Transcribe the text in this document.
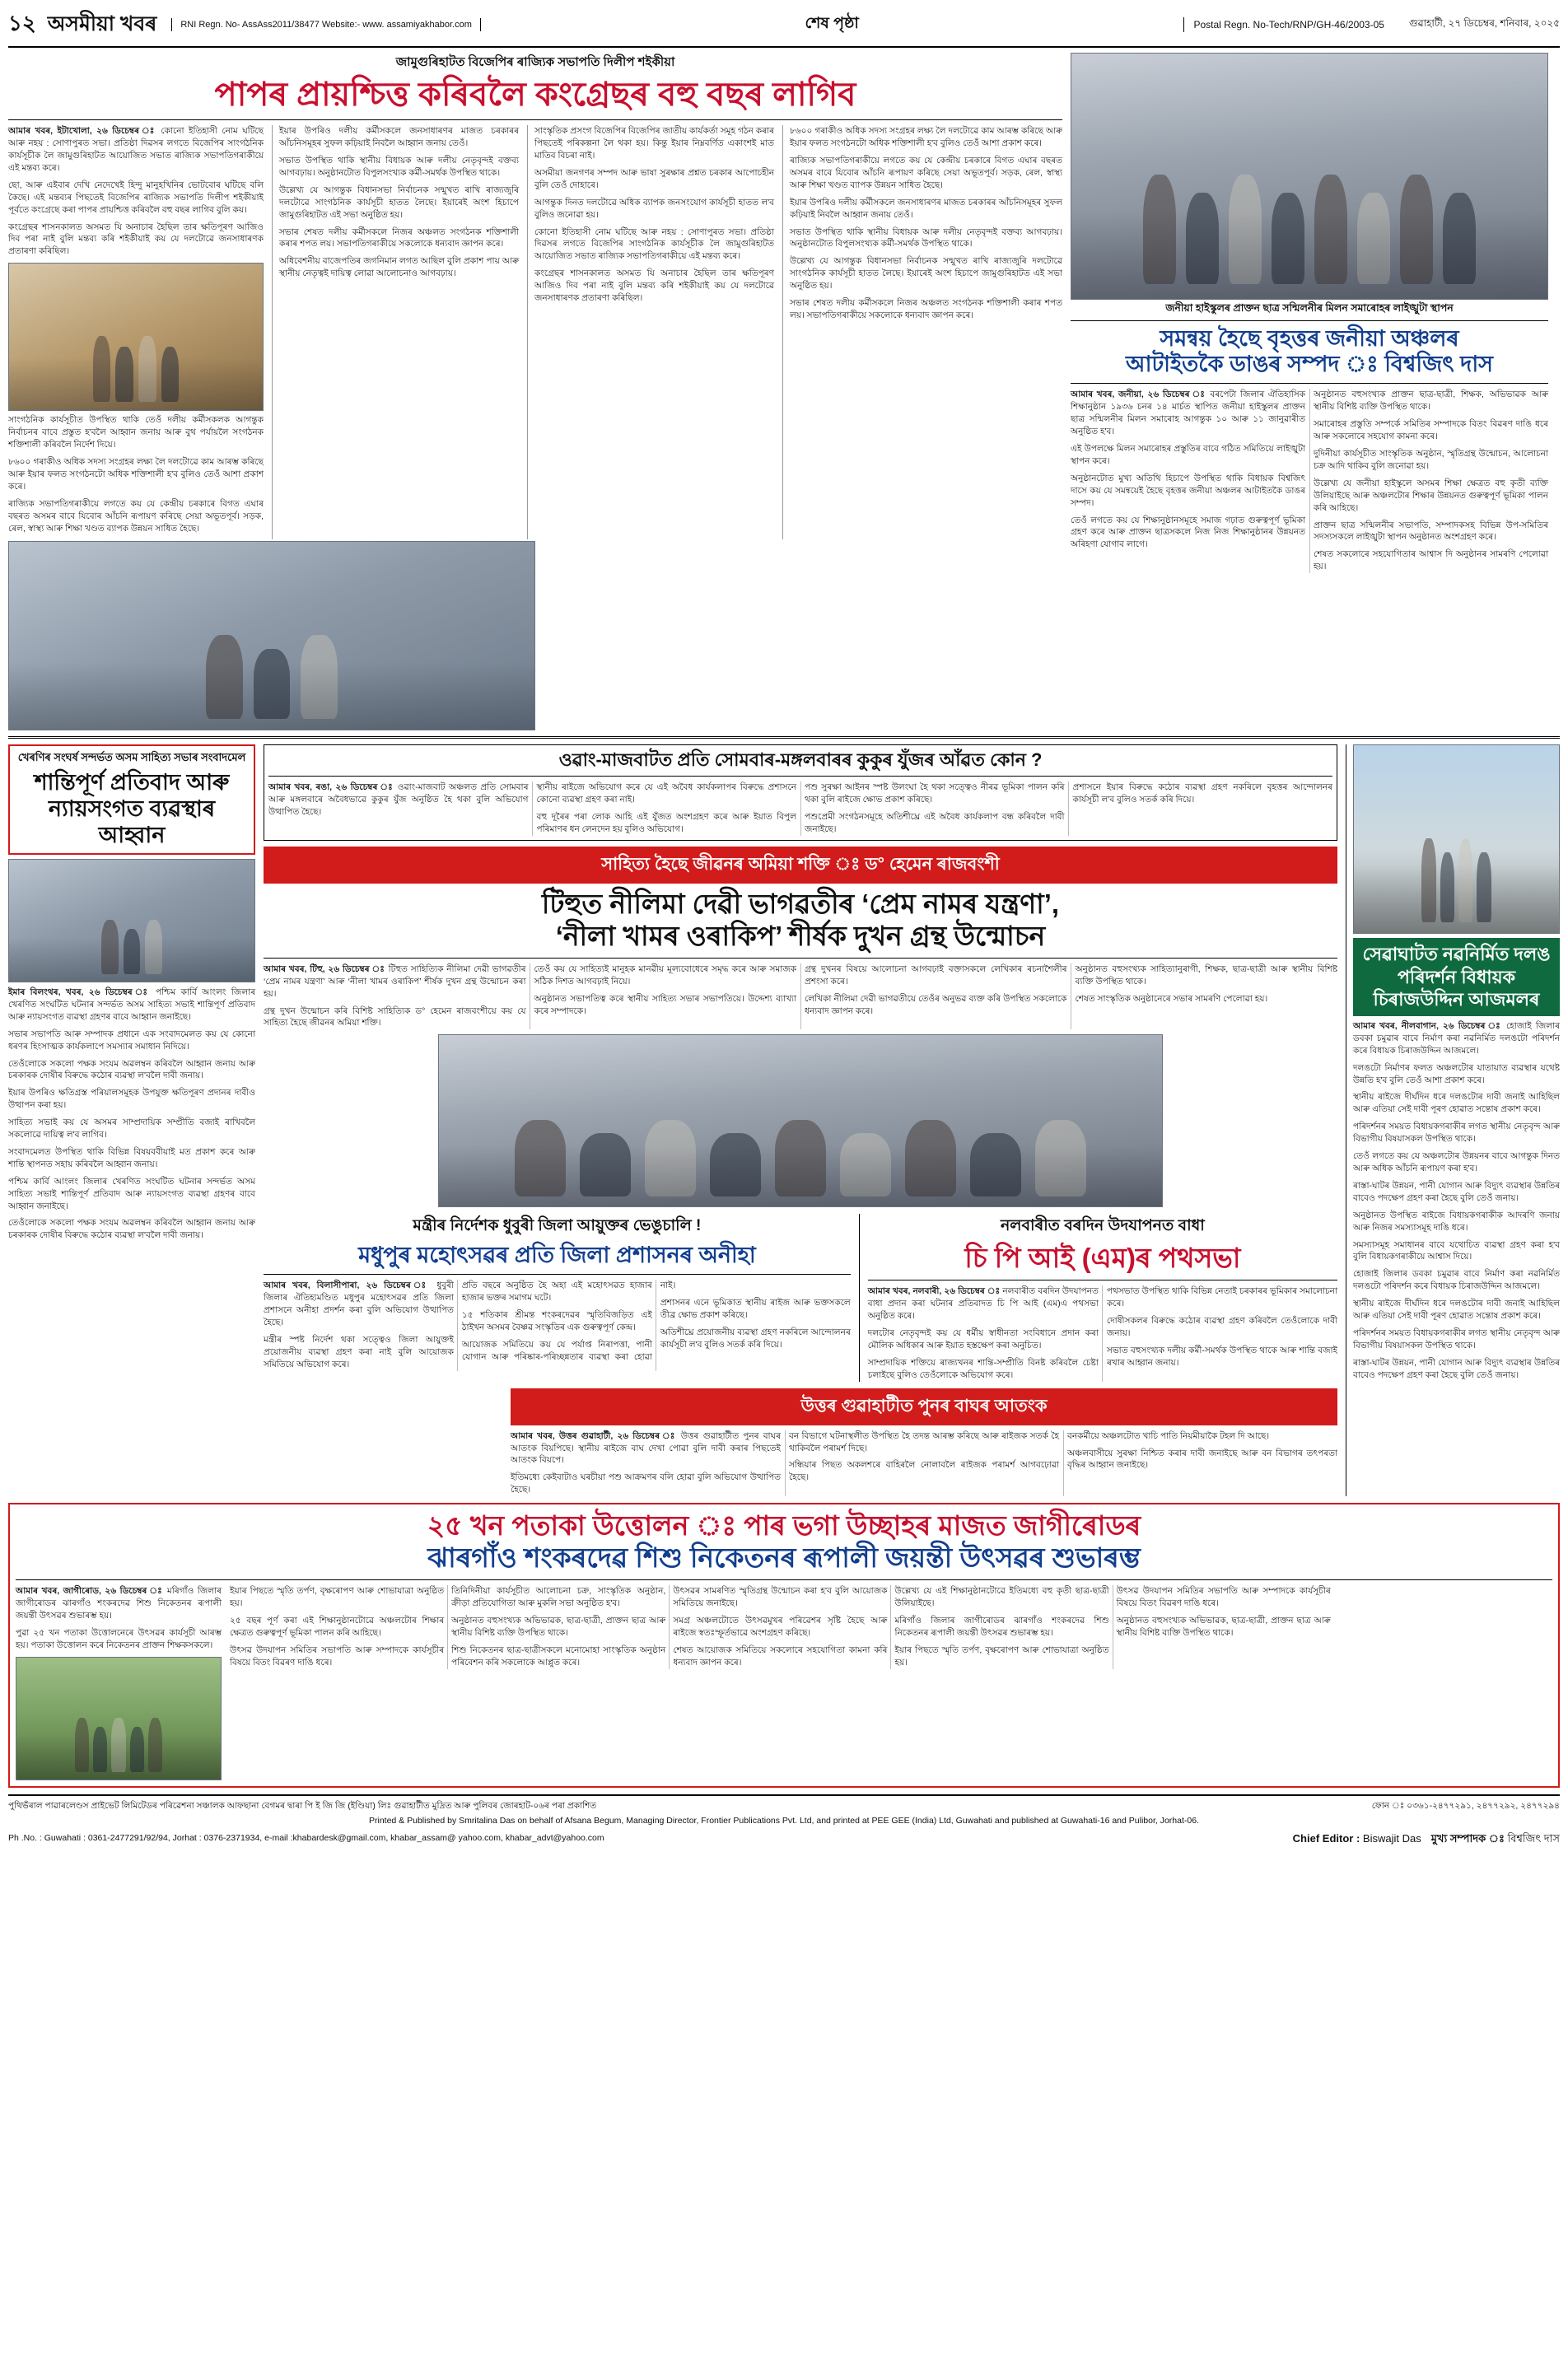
১২ অসমীয়া খবৰ	RNI Regn. No- AssAss2011/38477 Website:- www. assamiyakhabor.com	শেষ পৃষ্ঠা	Postal Regn. No-Tech/RNP/GH-46/2003-05	গুৱাহাটী, ২৭ ডিচেম্বৰ, শনিবাৰ, ২০২৫
জামুগুৰিহাটত বিজেপিৰ ৰাজ্যিক সভাপতি দিলীপ শইকীয়া
পাপৰ প্ৰায়শ্চিত্ত কৰিবলৈ কংগ্ৰেছৰ বহু বছৰ লাগিব

আমাৰ খবৰ, ইটাখোলা, ২৬ ডিচেম্বৰ ঃ কোনো ইতিহাসী নোম ঘটিছে আৰু নহয় : সোণাপুৰত সভা। প্ৰতিষ্ঠা দিৱসৰ লগতে বিজেপিৰ সাংগঠনিক কাৰ্যসূচীক লৈ জামুগুৰিহাটত আয়োজিত সভাত ৰাজ্যিক সভাপতিগৰাকীয়ে এই মন্তব্য কৰে।

ছো, আৰু এইবাৰ দেখি নেদেখেই হিন্দু মানুহখিনিৰ ভোটবোৰ ঘটিছে বলি কৈছে। এই মন্তব্যৰ পিছতেই বিজেপিৰ ৰাজ্যিক সভাপতি দিলীপ শইকীয়াই পূৰ্বতে কংগ্ৰেছে কৰা পাপৰ প্ৰায়শ্চিত্ত কৰিবলৈ বহু বছৰ লাগিব বুলি কয়।

কংগ্ৰেছৰ শাসনকালত অসমত যি অনাচাৰ হৈছিল তাৰ ক্ষতিপূৰণ আজিও দিব পৰা নাই বুলি মন্তব্য কৰি শইকীয়াই কয় যে দলটোৱে জনসাধাৰণক প্ৰতাৰণা কৰিছিল।

সাংগঠনিক কাৰ্যসূচীত উপস্থিত থাকি তেওঁ দলীয় কৰ্মীসকলক আগন্তুক নিৰ্বাচনৰ বাবে প্ৰস্তুত হ'বলৈ আহ্বান জনায় আৰু বুথ পৰ্যায়লৈ সংগঠনক শক্তিশালী কৰিবলৈ নিৰ্দেশ দিয়ে।

৮৬০০ গৰাকীও অধিক সদস্য সংগ্ৰহৰ লক্ষ্য লৈ দলটোৱে কাম আৰম্ভ কৰিছে আৰু ইয়াৰ ফলত সংগঠনটো অধিক শক্তিশালী হ'ব বুলিও তেওঁ আশা প্ৰকাশ কৰে।

ৰাজ্যিক সভাপতিগৰাকীয়ে লগতে কয় যে কেন্দ্ৰীয় চৰকাৰে বিগত এঘাৰ বছৰত অসমৰ বাবে যিবোৰ আঁচনি ৰূপায়ণ কৰিছে সেয়া অভূতপূৰ্ব। সড়ক, ৰেল, স্বাস্থ্য আৰু শিক্ষা খণ্ডত ব্যাপক উন্নয়ন সাধিত হৈছে।

ইয়াৰ উপৰিও দলীয় কৰ্মীসকলে জনসাধাৰণৰ মাজত চৰকাৰৰ আঁচনিসমূহৰ সুফল কঢ়িয়াই নিবলৈ আহ্বান জনায় তেওঁ।

সভাত উপস্থিত থাকি স্থানীয় বিধায়ক আৰু দলীয় নেতৃবৃন্দই বক্তব্য আগবঢ়ায়। অনুষ্ঠানটোত বিপুলসংখ্যক কৰ্মী-সমৰ্থক উপস্থিত থাকে।

উল্লেখ্য যে আগন্তুক বিধানসভা নিৰ্বাচনক সন্মুখত ৰাখি ৰাজ্যজুৰি দলটোৱে সাংগঠনিক কাৰ্যসূচী হাতত লৈছে। ইয়াৰেই অংশ হিচাপে জামুগুৰিহাটত এই সভা অনুষ্ঠিত হয়।

সভাৰ শেষত দলীয় কৰ্মীসকলে নিজৰ অঞ্চলত সংগঠনক শক্তিশালী কৰাৰ শপত লয়। সভাপতিগৰাকীয়ে সকলোকে ধন্যবাদ জ্ঞাপন কৰে।

অধিবেশনীয় বাজেপতিৰ জগনিমান লগত আছিল বুলি প্ৰকাশ পায় আৰু স্থানীয় নেতৃত্বই দায়িত্ব লোৱা আলোচনাও আগবঢ়ায়।

সাংস্কৃতিক প্ৰসংগ বিজেপিৰ বিজেপিৰ জাতীয় কাৰ্যকৰ্তা সমূহ গঠন কৰাৰ পিছতেই পৰিকল্পনা লৈ থকা হয়। কিন্তু ইয়াৰ নিম্নবৰ্ণিত একাংশই মাত মাতিব বিচৰা নাই।

অসমীয়া জনগণৰ সম্পদ আৰু ভাষা সুৰক্ষাৰ প্ৰশ্নত চৰকাৰ আপোচহীন বুলি তেওঁ দোহাৰে।

আগন্তুক দিনত দলটোৱে অধিক ব্যাপক জনসংযোগ কাৰ্যসূচী হাতত ল'ব বুলিও জনোৱা হয়।

কোনো ইতিহাসী নোম ঘটিছে আৰু নহয় : সোণাপুৰত সভা। প্ৰতিষ্ঠা দিৱসৰ লগতে বিজেপিৰ সাংগঠনিক কাৰ্যসূচীক লৈ জামুগুৰিহাটত আয়োজিত সভাত ৰাজ্যিক সভাপতিগৰাকীয়ে এই মন্তব্য কৰে।

কংগ্ৰেছৰ শাসনকালত অসমত যি অনাচাৰ হৈছিল তাৰ ক্ষতিপূৰণ আজিও দিব পৰা নাই বুলি মন্তব্য কৰি শইকীয়াই কয় যে দলটোৱে জনসাধাৰণক প্ৰতাৰণা কৰিছিল।

৮৬০০ গৰাকীও অধিক সদস্য সংগ্ৰহৰ লক্ষ্য লৈ দলটোৱে কাম আৰম্ভ কৰিছে আৰু ইয়াৰ ফলত সংগঠনটো অধিক শক্তিশালী হ'ব বুলিও তেওঁ আশা প্ৰকাশ কৰে।

ৰাজ্যিক সভাপতিগৰাকীয়ে লগতে কয় যে কেন্দ্ৰীয় চৰকাৰে বিগত এঘাৰ বছৰত অসমৰ বাবে যিবোৰ আঁচনি ৰূপায়ণ কৰিছে সেয়া অভূতপূৰ্ব। সড়ক, ৰেল, স্বাস্থ্য আৰু শিক্ষা খণ্ডত ব্যাপক উন্নয়ন সাধিত হৈছে।

ইয়াৰ উপৰিও দলীয় কৰ্মীসকলে জনসাধাৰণৰ মাজত চৰকাৰৰ আঁচনিসমূহৰ সুফল কঢ়িয়াই নিবলৈ আহ্বান জনায় তেওঁ।

সভাত উপস্থিত থাকি স্থানীয় বিধায়ক আৰু দলীয় নেতৃবৃন্দই বক্তব্য আগবঢ়ায়। অনুষ্ঠানটোত বিপুলসংখ্যক কৰ্মী-সমৰ্থক উপস্থিত থাকে।

উল্লেখ্য যে আগন্তুক বিধানসভা নিৰ্বাচনক সন্মুখত ৰাখি ৰাজ্যজুৰি দলটোৱে সাংগঠনিক কাৰ্যসূচী হাতত লৈছে। ইয়াৰেই অংশ হিচাপে জামুগুৰিহাটত এই সভা অনুষ্ঠিত হয়।

সভাৰ শেষত দলীয় কৰ্মীসকলে নিজৰ অঞ্চলত সংগঠনক শক্তিশালী কৰাৰ শপত লয়। সভাপতিগৰাকীয়ে সকলোকে ধন্যবাদ জ্ঞাপন কৰে।

জনীয়া হাইস্কুলৰ প্ৰাক্তন ছাত্ৰ সন্মিলনীৰ মিলন সমাৰোহৰ লাইঙ্খুটা স্থাপন
সমন্বয় হৈছে বৃহত্তৰ জনীয়া অঞ্চলৰ
আটাইতকৈ ডাঙৰ সম্পদ ঃ বিশ্বজিৎ দাস

আমাৰ খবৰ, জনীয়া, ২৬ ডিচেম্বৰ ঃ বৰপেটা জিলাৰ ঐতিহাসিক শিক্ষানুষ্ঠান ১৯৩৬ চনৰ ১৪ মাৰ্চত স্থাপিত জনীয়া হাইস্কুলৰ প্ৰাক্তন ছাত্ৰ সন্মিলনীৰ মিলন সমাৰোহ আগন্তুক ১০ আৰু ১১ জানুৱাৰীত অনুষ্ঠিত হ'ব।

এই উপলক্ষে মিলন সমাৰোহৰ প্ৰস্তুতিৰ বাবে গঠিত সমিতিয়ে লাইঙ্খুটা স্থাপন কৰে।

অনুষ্ঠানটোত মুখ্য অতিথি হিচাপে উপস্থিত থাকি বিধায়ক বিশ্বজিৎ দাসে কয় যে সমন্বয়েই হৈছে বৃহত্তৰ জনীয়া অঞ্চলৰ আটাইতকৈ ডাঙৰ সম্পদ।

তেওঁ লগতে কয় যে শিক্ষানুষ্ঠানসমূহে সমাজ গঢ়াত গুৰুত্বপূৰ্ণ ভূমিকা গ্ৰহণ কৰে আৰু প্ৰাক্তন ছাত্ৰসকলে নিজ নিজ শিক্ষানুষ্ঠানৰ উন্নয়নত অৰিহণা যোগাব লাগে।

অনুষ্ঠানত বহুসংখ্যক প্ৰাক্তন ছাত্ৰ-ছাত্ৰী, শিক্ষক, অভিভাৱক আৰু স্থানীয় বিশিষ্ট ব্যক্তি উপস্থিত থাকে।

সমাৰোহৰ প্ৰস্তুতি সম্পৰ্কে সমিতিৰ সম্পাদকে বিতং বিৱৰণ দাঙি ধৰে আৰু সকলোৰে সহযোগ কামনা কৰে।

দুদিনীয়া কাৰ্যসূচীত সাংস্কৃতিক অনুষ্ঠান, স্মৃতিগ্ৰন্থ উন্মোচন, আলোচনা চক্ৰ আদি থাকিব বুলি জনোৱা হয়।

উল্লেখ্য যে জনীয়া হাইস্কুলে অসমৰ শিক্ষা ক্ষেত্ৰত বহু কৃতী ব্যক্তি উলিয়াইছে আৰু অঞ্চলটোৰ শিক্ষাৰ উন্নয়নত গুৰুত্বপূৰ্ণ ভূমিকা পালন কৰি আহিছে।

প্ৰাক্তন ছাত্ৰ সন্মিলনীৰ সভাপতি, সম্পাদকসহ বিভিন্ন উপ-সমিতিৰ সদস্যসকলে লাইঙ্খুটা স্থাপন অনুষ্ঠানত অংশগ্ৰহণ কৰে।

শেষত সকলোৰে সহযোগিতাৰ আশ্বাস দি অনুষ্ঠানৰ সামৰণি পেলোৱা হয়।

খেৰণিৰ সংঘৰ্ষ সন্দৰ্ভত অসম সাহিত্য সভাৰ সংবাদমেল
শান্তিপূৰ্ণ প্ৰতিবাদ আৰু ন্যায়সংগত ব্যৱস্থাৰ আহ্বান

ইমাৰ বিলংথৰ, খবৰ, ২৬ ডিচেম্বৰ ঃ পশ্চিম কাৰ্বি আংলং জিলাৰ খেৰণিত সংঘটিত ঘটনাৰ সন্দৰ্ভত অসম সাহিত্য সভাই শান্তিপূৰ্ণ প্ৰতিবাদ আৰু ন্যায়সংগত ব্যৱস্থা গ্ৰহণৰ বাবে আহ্বান জনাইছে।

সভাৰ সভাপতি আৰু সম্পাদক প্ৰধানে এক সংবাদমেলত কয় যে কোনো ধৰণৰ হিংসাত্মক কাৰ্যকলাপে সমস্যাৰ সমাধান নিদিয়ে।

তেওঁলোকে সকলো পক্ষক সংযম অৱলম্বন কৰিবলৈ আহ্বান জনায় আৰু চৰকাৰক দোষীৰ বিৰুদ্ধে কঠোৰ ব্যৱস্থা ল'বলৈ দাবী জনায়।

ইয়াৰ উপৰিও ক্ষতিগ্ৰস্ত পৰিয়ালসমূহক উপযুক্ত ক্ষতিপূৰণ প্ৰদানৰ দাবীও উত্থাপন কৰা হয়।

সাহিত্য সভাই কয় যে অসমৰ সাম্প্ৰদায়িক সম্প্ৰীতি বজাই ৰাখিবলৈ সকলোৱে দায়িত্ব ল'ব লাগিব।

সংবাদমেলত উপস্থিত থাকি বিভিন্ন বিষয়ববীয়াই মত প্ৰকাশ কৰে আৰু শান্তি স্থাপনত সহায় কৰিবলৈ আহ্বান জনায়।

পশ্চিম কাৰ্বি আংলং জিলাৰ খেৰণিত সংঘটিত ঘটনাৰ সন্দৰ্ভত অসম সাহিত্য সভাই শান্তিপূৰ্ণ প্ৰতিবাদ আৰু ন্যায়সংগত ব্যৱস্থা গ্ৰহণৰ বাবে আহ্বান জনাইছে।

তেওঁলোকে সকলো পক্ষক সংযম অৱলম্বন কৰিবলৈ আহ্বান জনায় আৰু চৰকাৰক দোষীৰ বিৰুদ্ধে কঠোৰ ব্যৱস্থা ল'বলৈ দাবী জনায়।

ওৱাং-মাজবাটত প্ৰতি সোমবাৰ-মঙ্গলবাৰৰ কুকুৰ যুঁজৰ আঁৱত কোন ?

আমাৰ খবৰ, ৰঙা, ২৬ ডিচেম্বৰ ঃ ওৱাং-মাজবাট অঞ্চলত প্ৰতি সোমবাৰ আৰু মঙ্গলবাৰে অবৈধভাৱে কুকুৰ যুঁজ অনুষ্ঠিত হৈ থকা বুলি অভিযোগ উত্থাপিত হৈছে।

স্থানীয় ৰাইজে অভিযোগ কৰে যে এই অবৈধ কাৰ্যকলাপৰ বিৰুদ্ধে প্ৰশাসনে কোনো ব্যৱস্থা গ্ৰহণ কৰা নাই।

বহু দূৰৈৰ পৰা লোক আহি এই যুঁজত অংশগ্ৰহণ কৰে আৰু ইয়াত বিপুল পৰিমাণৰ ধন লেনদেন হয় বুলিও অভিযোগ।

পশু সুৰক্ষা আইনৰ স্পষ্ট উলংঘা হৈ থকা সত্ত্বেও নীৰৱ ভূমিকা পালন কৰি থকা বুলি ৰাইজে ক্ষোভ প্ৰকাশ কৰিছে।

পশুপ্ৰেমী সংগঠনসমূহে অতিশীঘ্ৰে এই অবৈধ কাৰ্যকলাপ বন্ধ কৰিবলৈ দাবী জনাইছে।

প্ৰশাসনে ইয়াৰ বিৰুদ্ধে কঠোৰ ব্যৱস্থা গ্ৰহণ নকৰিলে বৃহত্তৰ আন্দোলনৰ কাৰ্যসূচী ল'ব বুলিও সতৰ্ক কৰি দিয়ে।

সাহিত্য হৈছে জীৱনৰ অমিয়া শক্তি ঃ ড° হেমেন ৰাজবংশী
টিহুত নীলিমা দেৱী ভাগৱতীৰ ‘প্ৰেম নামৰ যন্ত্ৰণা’,
‘নীলা খামৰ ওৰাকিপ’ শীৰ্ষক দুখন গ্ৰন্থ উন্মোচন

আমাৰ খবৰ, টিহু, ২৬ ডিচেম্বৰ ঃ টিহুত সাহিত্যিক নীলিমা দেৱী ভাগৱতীৰ ‘প্ৰেম নামৰ যন্ত্ৰণা’ আৰু ‘নীলা খামৰ ওৰাকিপ’ শীৰ্ষক দুখন গ্ৰন্থ উন্মোচন কৰা হয়।

গ্ৰন্থ দুখন উন্মোচন কৰি বিশিষ্ট সাহিত্যিক ড° হেমেন ৰাজবংশীয়ে কয় যে সাহিত্য হৈছে জীৱনৰ অমিয়া শক্তি।

তেওঁ কয় যে সাহিত্যই মানুহক মানৱীয় মূল্যবোধেৰে সমৃদ্ধ কৰে আৰু সমাজক সঠিক দিশত আগবঢ়াই নিয়ে।

অনুষ্ঠানত সভাপতিত্ব কৰে স্থানীয় সাহিত্য সভাৰ সভাপতিয়ে। উদ্দেশ্য ব্যাখ্যা কৰে সম্পাদকে।

গ্ৰন্থ দুখনৰ বিষয়ে আলোচনা আগবঢ়াই বক্তাসকলে লেখিকাৰ ৰচনাশৈলীৰ প্ৰশংসা কৰে।

লেখিকা নীলিমা দেৱী ভাগৱতীয়ে তেওঁৰ অনুভৱ ব্যক্ত কৰি উপস্থিত সকলোকে ধন্যবাদ জ্ঞাপন কৰে।

অনুষ্ঠানত বহুসংখ্যক সাহিত্যানুৰাগী, শিক্ষক, ছাত্ৰ-ছাত্ৰী আৰু স্থানীয় বিশিষ্ট ব্যক্তি উপস্থিত থাকে।

শেষত সাংস্কৃতিক অনুষ্ঠানেৰে সভাৰ সামৰণি পেলোৱা হয়।

মন্ত্ৰীৰ নিৰ্দেশক ধুবুৰী জিলা আয়ুক্তৰ ভেঙুচালি !
মধুপুৰ মহোৎসৱৰ প্ৰতি জিলা প্ৰশাসনৰ অনীহা

আমাৰ খবৰ, বিলাসীপাৰা, ২৬ ডিচেম্বৰ ঃ ধুবুৰী জিলাৰ ঐতিহ্যমণ্ডিত মধুপুৰ মহোৎসৱৰ প্ৰতি জিলা প্ৰশাসনে অনীহা প্ৰদৰ্শন কৰা বুলি অভিযোগ উত্থাপিত হৈছে।

মন্ত্ৰীৰ স্পষ্ট নিৰ্দেশ থকা সত্ত্বেও জিলা আয়ুক্তই প্ৰয়োজনীয় ব্যৱস্থা গ্ৰহণ কৰা নাই বুলি আয়োজক সমিতিয়ে অভিযোগ কৰে।

প্ৰতি বছৰে অনুষ্ঠিত হৈ অহা এই মহোৎসৱত হাজাৰ হাজাৰ ভক্তৰ সমাগম ঘটে।

১৫ শতিকাৰ শ্ৰীমন্ত শংকৰদেৱৰ স্মৃতিবিজড়িত এই ঠাইখন অসমৰ বৈষ্ণৱ সংস্কৃতিৰ এক গুৰুত্বপূৰ্ণ কেন্দ্ৰ।

আয়োজক সমিতিয়ে কয় যে পৰ্যাপ্ত নিৰাপত্তা, পানী যোগান আৰু পৰিষ্কাৰ-পৰিচ্ছন্নতাৰ ব্যৱস্থা কৰা হোৱা নাই।

প্ৰশাসনৰ এনে ভূমিকাত স্থানীয় ৰাইজ আৰু ভক্তসকলে তীব্ৰ ক্ষোভ প্ৰকাশ কৰিছে।

অতিশীঘ্ৰে প্ৰয়োজনীয় ব্যৱস্থা গ্ৰহণ নকৰিলে আন্দোলনৰ কাৰ্যসূচী ল'ব বুলিও সতৰ্ক কৰি দিয়ে।

নলবাৰীত বৰদিন উদযাপনত বাধা
চি পি আই (এম)ৰ পথসভা

আমাৰ খবৰ, নলবাৰী, ২৬ ডিচেম্বৰ ঃ নলবাৰীত বৰদিন উদযাপনত বাধা প্ৰদান কৰা ঘটনাৰ প্ৰতিবাদত চি পি আই (এম)এ পথসভা অনুষ্ঠিত কৰে।

দলটোৰ নেতৃবৃন্দই কয় যে ধৰ্মীয় স্বাধীনতা সংবিধানে প্ৰদান কৰা মৌলিক অধিকাৰ আৰু ইয়াত হস্তক্ষেপ কৰা অনুচিত।

সাম্প্ৰদায়িক শক্তিয়ে ৰাজ্যখনৰ শান্তি-সম্প্ৰীতি বিনষ্ট কৰিবলৈ চেষ্টা চলাইছে বুলিও তেওঁলোকে অভিযোগ কৰে।

পথসভাত উপস্থিত থাকি বিভিন্ন নেতাই চৰকাৰৰ ভূমিকাৰ সমালোচনা কৰে।

দোষীসকলৰ বিৰুদ্ধে কঠোৰ ব্যৱস্থা গ্ৰহণ কৰিবলৈ তেওঁলোকে দাবী জনায়।

সভাত বহুসংখ্যক দলীয় কৰ্মী-সমৰ্থক উপস্থিত থাকে আৰু শান্তি বজাই ৰখাৰ আহ্বান জনায়।

উত্তৰ গুৱাহাটীত পুনৰ বাঘৰ আতংক

আমাৰ খবৰ, উত্তৰ গুৱাহাটী, ২৬ ডিচেম্বৰ ঃ উত্তৰ গুৱাহাটীত পুনৰ বাঘৰ আতংক বিয়পিছে। স্থানীয় ৰাইজে বাঘ দেখা পোৱা বুলি দাবী কৰাৰ পিছতেই আতংক বিয়পে।

ইতিমধ্যে কেইবাটাও ঘৰচীয়া পশু আক্ৰমণৰ বলি হোৱা বুলি অভিযোগ উত্থাপিত হৈছে।

বন বিভাগে ঘটনাস্থলীত উপস্থিত হৈ তদন্ত আৰম্ভ কৰিছে আৰু ৰাইজক সতৰ্ক হৈ থাকিবলৈ পৰামৰ্শ দিছে।

সন্ধিয়াৰ পিছত অকলশৰে বাহিৰলৈ নোলাবলৈ ৰাইজক পৰামৰ্শ আগবঢ়োৱা হৈছে।

বনকৰ্মীয়ে অঞ্চলটোত খাচি পাতি নিয়মীয়াকৈ টহল দি আছে।

অঞ্চলবাসীয়ে সুৰক্ষা নিশ্চিত কৰাৰ দাবী জনাইছে আৰু বন বিভাগৰ তৎপৰতা বৃদ্ধিৰ আহ্বান জনাইছে।

সেৱাঘাটত নৱনিৰ্মিত দলঙ পৰিদৰ্শন বিধায়ক চিৰাজউদ্দিন আজমলৰ

আমাৰ খবৰ, নীলবাগান, ২৬ ডিচেম্বৰ ঃ হোজাই জিলাৰ ডবকা চমুৱাৰ বাবে নিৰ্মাণ কৰা নৱনিৰ্মিত দলঙটো পৰিদৰ্শন কৰে বিধায়ক চিৰাজউদ্দিন আজমলে।

দলঙটো নিৰ্মাণৰ ফলত অঞ্চলটোৰ যাতায়াত ব্যৱস্থাৰ যথেষ্ট উন্নতি হ'ব বুলি তেওঁ আশা প্ৰকাশ কৰে।

স্থানীয় ৰাইজে দীৰ্ঘদিন ধৰে দলঙটোৰ দাবী জনাই আহিছিল আৰু এতিয়া সেই দাবী পূৰণ হোৱাত সন্তোষ প্ৰকাশ কৰে।

পৰিদৰ্শনৰ সময়ত বিধায়কগৰাকীৰ লগত স্থানীয় নেতৃবৃন্দ আৰু বিভাগীয় বিষয়াসকল উপস্থিত থাকে।

তেওঁ লগতে কয় যে অঞ্চলটোৰ উন্নয়নৰ বাবে আগন্তুক দিনত আৰু অধিক আঁচনি ৰূপায়ণ কৰা হ'ব।

ৰাস্তা-ঘাটৰ উন্নয়ন, পানী যোগান আৰু বিদ্যুৎ ব্যৱস্থাৰ উন্নতিৰ বাবেও পদক্ষেপ গ্ৰহণ কৰা হৈছে বুলি তেওঁ জনায়।

অনুষ্ঠানত উপস্থিত ৰাইজে বিধায়কগৰাকীক আদৰণি জনায় আৰু নিজৰ সমস্যাসমূহ দাঙি ধৰে।

সমস্যাসমূহ সমাধানৰ বাবে যথোচিত ব্যৱস্থা গ্ৰহণ কৰা হ'ব বুলি বিধায়কগৰাকীয়ে আশ্বাস দিয়ে।

হোজাই জিলাৰ ডবকা চমুৱাৰ বাবে নিৰ্মাণ কৰা নৱনিৰ্মিত দলঙটো পৰিদৰ্শন কৰে বিধায়ক চিৰাজউদ্দিন আজমলে।

স্থানীয় ৰাইজে দীৰ্ঘদিন ধৰে দলঙটোৰ দাবী জনাই আহিছিল আৰু এতিয়া সেই দাবী পূৰণ হোৱাত সন্তোষ প্ৰকাশ কৰে।

পৰিদৰ্শনৰ সময়ত বিধায়কগৰাকীৰ লগত স্থানীয় নেতৃবৃন্দ আৰু বিভাগীয় বিষয়াসকল উপস্থিত থাকে।

ৰাস্তা-ঘাটৰ উন্নয়ন, পানী যোগান আৰু বিদ্যুৎ ব্যৱস্থাৰ উন্নতিৰ বাবেও পদক্ষেপ গ্ৰহণ কৰা হৈছে বুলি তেওঁ জনায়।

২৫ খন পতাকা উত্তোলন ঃ পাৰ ভগা উচ্ছাহৰ মাজত জাগীৰোডৰ
ঝাৰগাঁও শংকৰদেৱ শিশু নিকেতনৰ ৰূপালী জয়ন্তী উৎসৱৰ শুভাৰম্ভ

আমাৰ খবৰ, জাগীৰোড, ২৬ ডিচেম্বৰ ঃ মৰিগাঁও জিলাৰ জাগীৰোডৰ ঝাৰগাঁও শংকৰদেৱ শিশু নিকেতনৰ ৰূপালী জয়ন্তী উৎসৱৰ শুভাৰম্ভ হয়।

পুৱা ২৫ খন পতাকা উত্তোলনেৰে উৎসৱৰ কাৰ্যসূচী আৰম্ভ হয়। পতাকা উত্তোলন কৰে নিকেতনৰ প্ৰাক্তন শিক্ষকসকলে।

ইয়াৰ পিছতে স্মৃতি তৰ্পণ, বৃক্ষৰোপণ আৰু শোভাযাত্ৰা অনুষ্ঠিত হয়।

২৫ বছৰ পূৰ্ণ কৰা এই শিক্ষানুষ্ঠানটোৱে অঞ্চলটোৰ শিক্ষাৰ ক্ষেত্ৰত গুৰুত্বপূৰ্ণ ভূমিকা পালন কৰি আহিছে।

উৎসৱ উদযাপন সমিতিৰ সভাপতি আৰু সম্পাদকে কাৰ্যসূচীৰ বিষয়ে বিতং বিৱৰণ দাঙি ধৰে।

তিনিদিনীয়া কাৰ্যসূচীত আলোচনা চক্ৰ, সাংস্কৃতিক অনুষ্ঠান, ক্ৰীড়া প্ৰতিযোগিতা আৰু মুকলি সভা অনুষ্ঠিত হ'ব।

অনুষ্ঠানত বহুসংখ্যক অভিভাৱক, ছাত্ৰ-ছাত্ৰী, প্ৰাক্তন ছাত্ৰ আৰু স্থানীয় বিশিষ্ট ব্যক্তি উপস্থিত থাকে।

শিশু নিকেতনৰ ছাত্ৰ-ছাত্ৰীসকলে মনোমোহা সাংস্কৃতিক অনুষ্ঠান পৰিবেশন কৰি সকলোকে আপ্লুত কৰে।

উৎসৱৰ সামৰণিত স্মৃতিগ্ৰন্থ উন্মোচন কৰা হ'ব বুলি আয়োজক সমিতিয়ে জনাইছে।

সমগ্ৰ অঞ্চলটোতে উৎসৱমুখৰ পৰিৱেশৰ সৃষ্টি হৈছে আৰু ৰাইজে স্বতঃস্ফূৰ্তভাৱে অংশগ্ৰহণ কৰিছে।

শেষত আয়োজক সমিতিয়ে সকলোৰে সহযোগিতা কামনা কৰি ধন্যবাদ জ্ঞাপন কৰে।

উল্লেখ্য যে এই শিক্ষানুষ্ঠানটোৱে ইতিমধ্যে বহু কৃতী ছাত্ৰ-ছাত্ৰী উলিয়াইছে।

মৰিগাঁও জিলাৰ জাগীৰোডৰ ঝাৰগাঁও শংকৰদেৱ শিশু নিকেতনৰ ৰূপালী জয়ন্তী উৎসৱৰ শুভাৰম্ভ হয়।

ইয়াৰ পিছতে স্মৃতি তৰ্পণ, বৃক্ষৰোপণ আৰু শোভাযাত্ৰা অনুষ্ঠিত হয়।

উৎসৱ উদযাপন সমিতিৰ সভাপতি আৰু সম্পাদকে কাৰ্যসূচীৰ বিষয়ে বিতং বিৱৰণ দাঙি ধৰে।

অনুষ্ঠানত বহুসংখ্যক অভিভাৱক, ছাত্ৰ-ছাত্ৰী, প্ৰাক্তন ছাত্ৰ আৰু স্থানীয় বিশিষ্ট ব্যক্তি উপস্থিত থাকে।

পুথিভঁৰাল পাৱাৰলেণ্ডস প্ৰাইভেট লিমিটেডৰ পৰিৱেশনা সঞ্চালক আফছানা বেগমৰ দ্বাৰা পি ই জি জি (ইণ্ডিয়া) লিঃ গুৱাহাটীত মুদ্ৰিত আৰু পুলিবৰ জোৰহাট-০৬ৰ পৰা প্ৰকাশিত	ফোন ঃ ০৩৬১-২৪৭৭২৯১, ২৪৭৭২৯২, ২৪৭৭২৯৪
Printed & Published by Smritalina Das on behalf of Afsana Begum, Managing Director, Frontier Publications Pvt. Ltd, and printed at PEE GEE (India) Ltd, Guwahati and published at Guwahati-16 and Pulibor, Jorhat-06.
Ph .No. : Guwahati : 0361-2477291/92/94, Jorhat : 0376-2371934, e-mail :khabardesk@gmail.com, khabar_assam@ yahoo.com, khabar_advt@yahoo.com	Chief Editor : Biswajit Das মুখ্য সম্পাদক ঃ বিশ্বজিৎ দাস
